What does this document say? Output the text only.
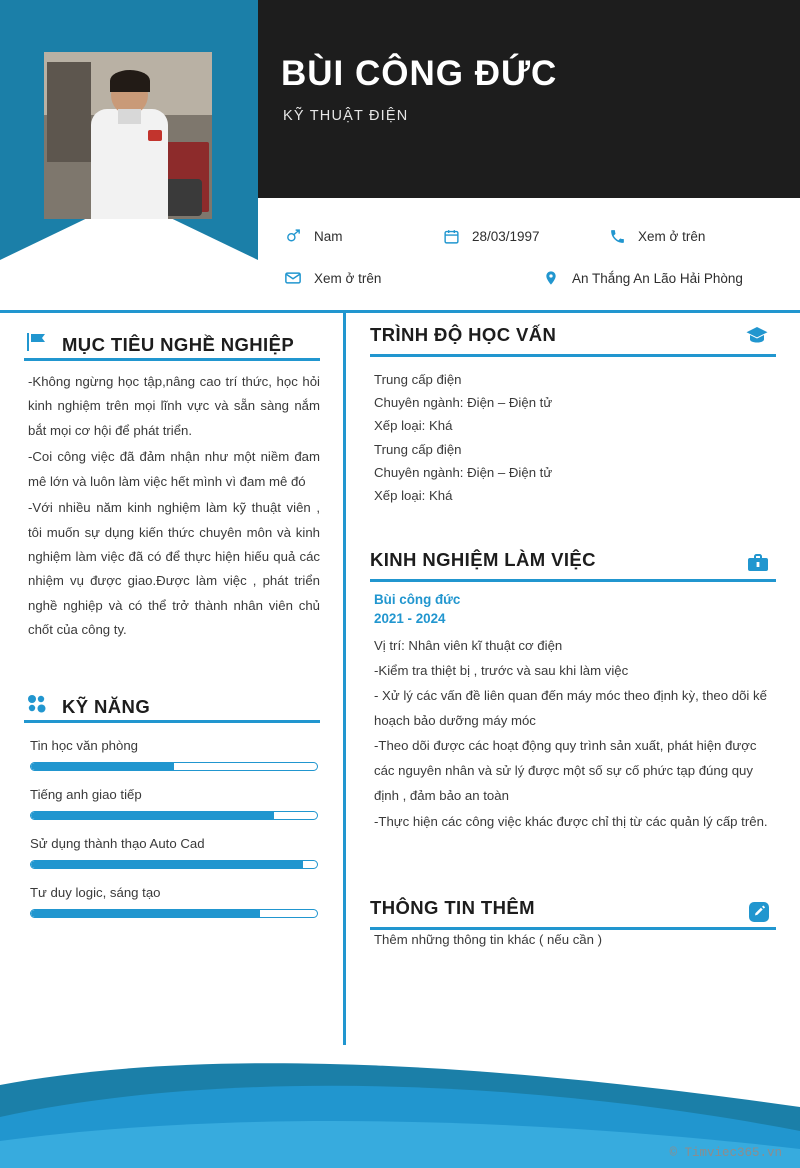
BÙI CÔNG ĐỨC
KỸ THUẬT ĐIỆN
Nam	28/03/1997	Xem ở trên
Xem ở trên	An Thắng An Lão Hải Phòng
MỤC TIÊU NGHỀ NGHIỆP

-Không ngừng học tập,nâng cao trí thức, học hỏi kinh nghiệm trên mọi lĩnh vực và sẵn sàng nắm bắt mọi cơ hội để phát triển.

-Coi công việc đã đảm nhận như một niềm đam mê lớn và luôn làm việc hết mình vì đam mê đó

-Với nhiều năm kinh nghiệm làm kỹ thuật viên , tôi muốn sự dụng kiến thức chuyên môn và kinh nghiệm làm việc đã có để thực hiện hiếu quả các nhiệm vụ được giao.Được làm việc , phát triển nghề nghiệp và có thể trở thành nhân viên chủ chốt của công ty.

KỸ NĂNG
Tin học văn phòng
Tiếng anh giao tiếp
Sử dụng thành thạo Auto Cad
Tư duy logic, sáng tạo
TRÌNH ĐỘ HỌC VẤN
Trung cấp điện
Chuyên ngành: Điện – Điện tử
Xếp loại: Khá
Trung cấp điện
Chuyên ngành: Điện – Điện tử
Xếp loại: Khá
KINH NGHIỆM LÀM VIỆC
Bùi công đức
2021 - 2024

Vị trí: Nhân viên kĩ thuật cơ điện

-Kiểm tra thiệt bị , trước và sau khi làm việc

- Xử lý các vấn đề liên quan đến máy móc theo định kỳ, theo dõi kế hoạch bảo dưỡng máy móc

-Theo dõi được các hoạt động quy trình sản xuất, phát hiện được các nguyên nhân và sử lý được một số sự cố phức tạp đúng quy định , đảm bảo an toàn

-Thực hiện các công việc khác được chỉ thị từ các quản lý cấp trên.

THÔNG TIN THÊM
Thêm những thông tin khác ( nếu cần )
© Timviec365.vn
